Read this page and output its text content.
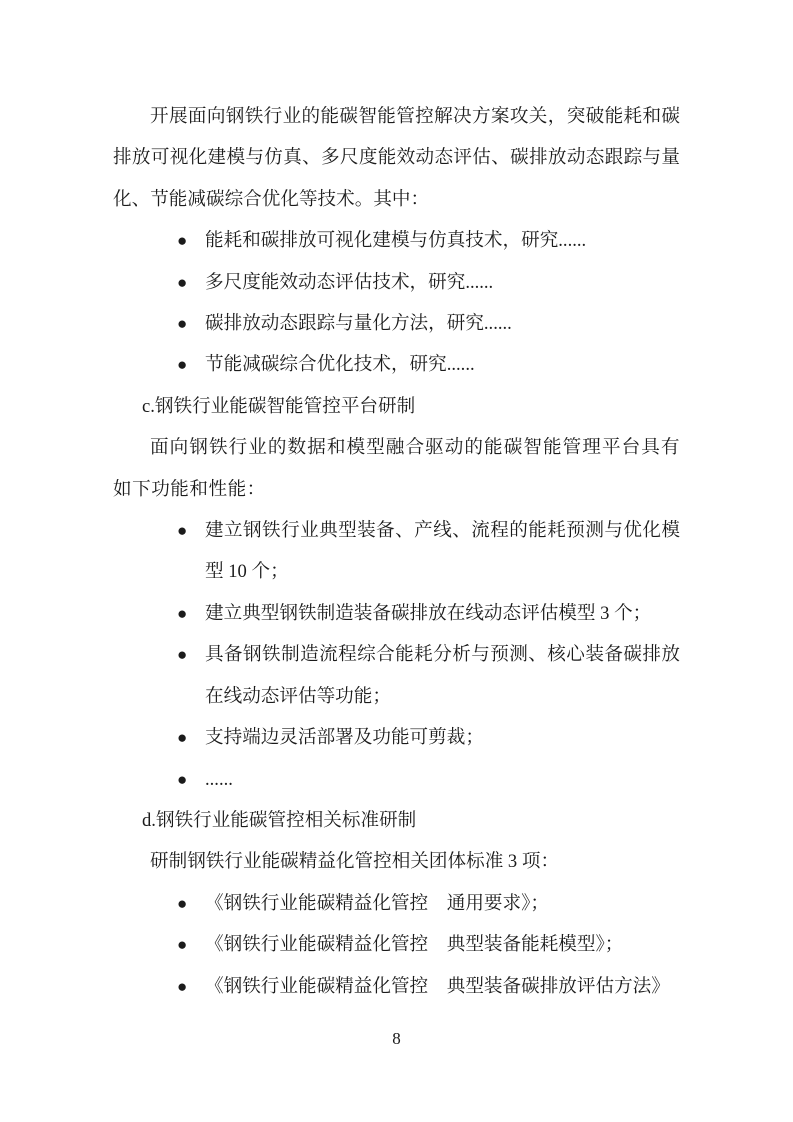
开展面向钢铁行业的能碳智能管控解决方案攻关，突破能耗和碳排放可视化建模与仿真、多尺度能效动态评估、碳排放动态跟踪与量化、节能减碳综合优化等技术。其中：

● 能耗和碳排放可视化建模与仿真技术，研究......
● 多尺度能效动态评估技术，研究......
● 碳排放动态跟踪与量化方法，研究......
● 节能减碳综合优化技术，研究......

c.钢铁行业能碳智能管控平台研制

面向钢铁行业的数据和模型融合驱动的能碳智能管理平台具有如下功能和性能：

● 建立钢铁行业典型装备、产线、流程的能耗预测与优化模型 10 个；
● 建立典型钢铁制造装备碳排放在线动态评估模型 3 个；
● 具备钢铁制造流程综合能耗分析与预测、核心装备碳排放在线动态评估等功能；
● 支持端边灵活部署及功能可剪裁；
● ......

d.钢铁行业能碳管控相关标准研制

研制钢铁行业能碳精益化管控相关团体标准 3 项：

● 《钢铁行业能碳精益化管控　通用要求》；
● 《钢铁行业能碳精益化管控　典型装备能耗模型》；
● 《钢铁行业能碳精益化管控　典型装备碳排放评估方法》
8
